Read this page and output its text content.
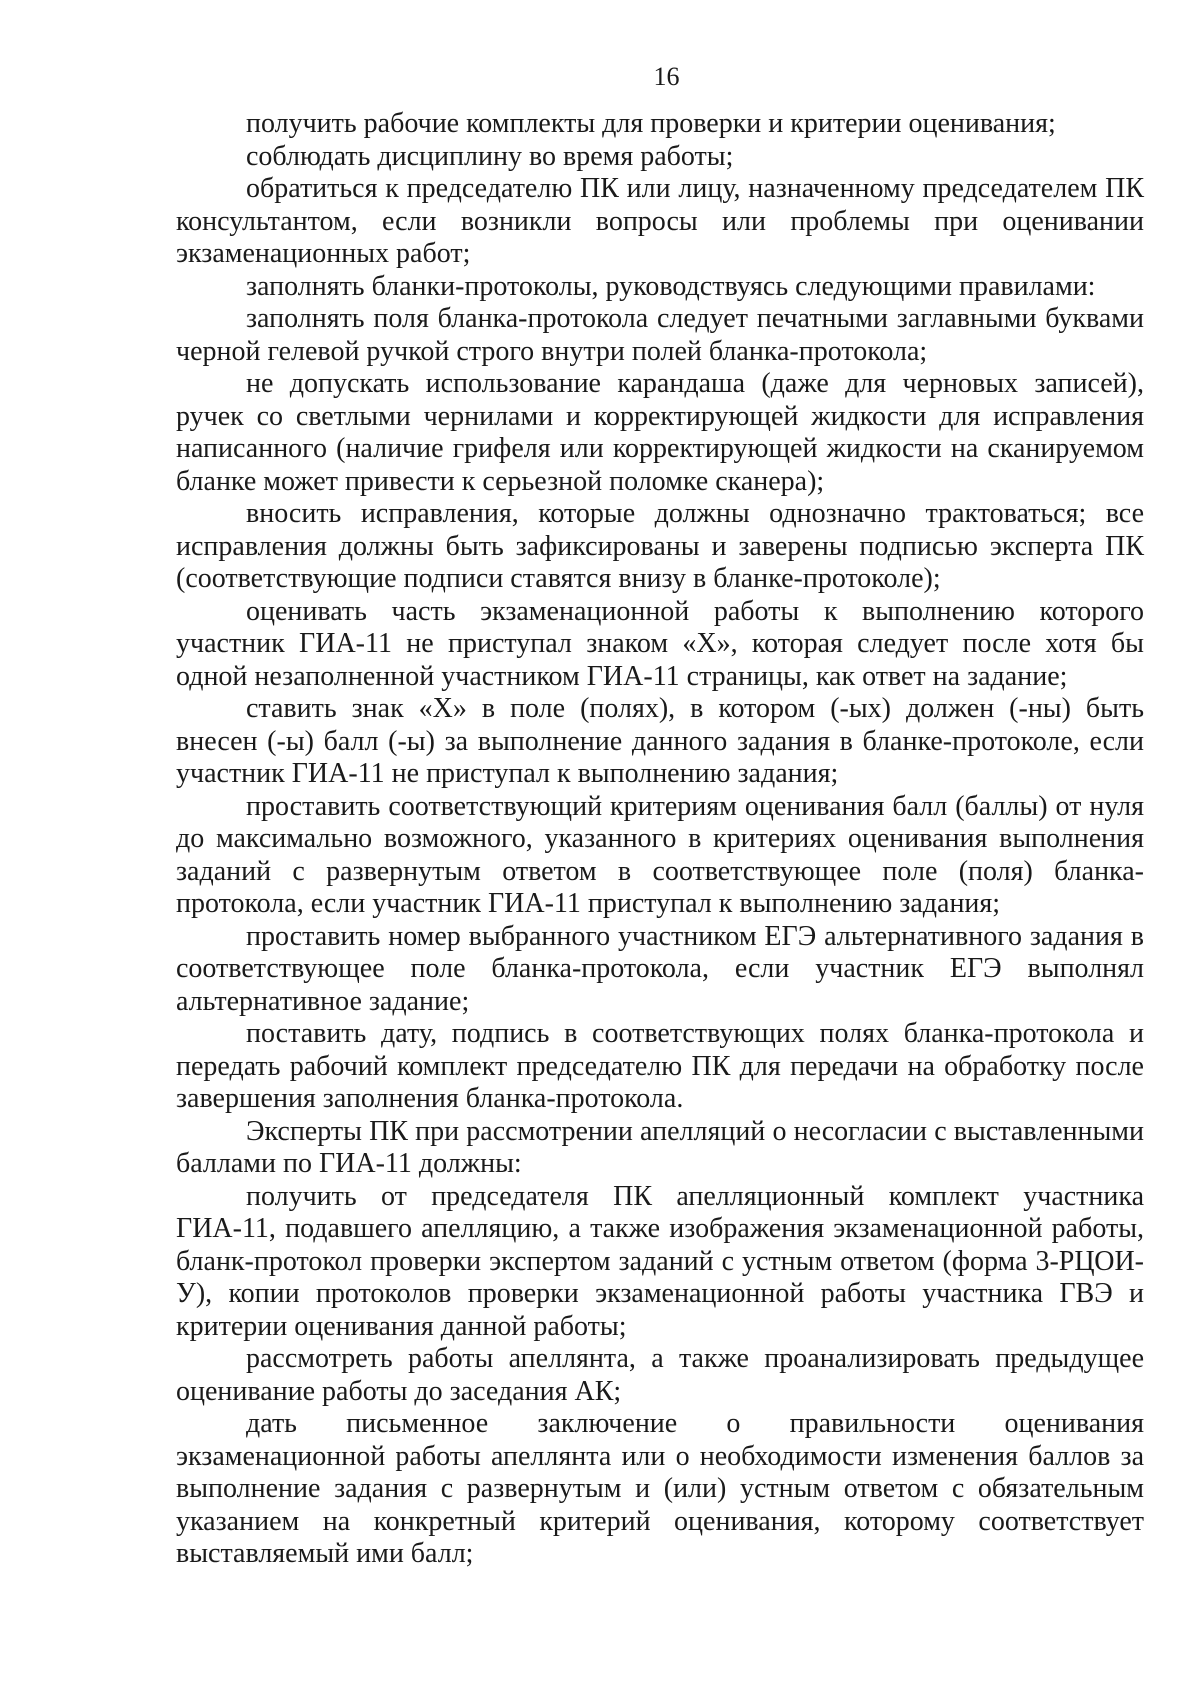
16

получить рабочие комплекты для проверки и критерии оценивания;

соблюдать дисциплину во время работы;

обратиться к председателю ПК или лицу, назначенному председателем ПК консультантом, если возникли вопросы или проблемы при оценивании экзаменационных работ;

заполнять бланки-протоколы, руководствуясь следующими правилами:

заполнять поля бланка-протокола следует печатными заглавными буквами черной гелевой ручкой строго внутри полей бланка-протокола;

не допускать использование карандаша (даже для черновых записей), ручек со светлыми чернилами и корректирующей жидкости для исправления написанного (наличие грифеля или корректирующей жидкости на сканируемом бланке может привести к серьезной поломке сканера);

вносить исправления, которые должны однозначно трактоваться; все исправления должны быть зафиксированы и заверены подписью эксперта ПК (соответствующие подписи ставятся внизу в бланке-протоколе);

оценивать часть экзаменационной работы к выполнению которого участник ГИА-11 не приступал знаком «Х», которая следует после хотя бы одной незаполненной участником ГИА-11 страницы, как ответ на задание;

ставить знак «Х» в поле (полях), в котором (-ых) должен (-ны) быть внесен (-ы) балл (-ы) за выполнение данного задания в бланке-протоколе, если участник ГИА-11 не приступал к выполнению задания;

проставить соответствующий критериям оценивания балл (баллы) от нуля до максимально возможного, указанного в критериях оценивания выполнения заданий с развернутым ответом в соответствующее поле (поля) бланка-протокола, если участник ГИА-11 приступал к выполнению задания;

проставить номер выбранного участником ЕГЭ альтернативного задания в соответствующее поле бланка-протокола, если участник ЕГЭ выполнял альтернативное задание;

поставить дату, подпись в соответствующих полях бланка-протокола и передать рабочий комплект председателю ПК для передачи на обработку после завершения заполнения бланка-протокола.

Эксперты ПК при рассмотрении апелляций о несогласии с выставленными баллами по ГИА-11 должны:

получить от председателя ПК апелляционный комплект участника ГИА-11, подавшего апелляцию, а также изображения экзаменационной работы, бланк-протокол проверки экспертом заданий с устным ответом (форма 3-РЦОИ-У), копии протоколов проверки экзаменационной работы участника ГВЭ и критерии оценивания данной работы;

рассмотреть работы апеллянта, а также проанализировать предыдущее оценивание работы до заседания АК;

дать письменное заключение о правильности оценивания экзаменационной работы апеллянта или о необходимости изменения баллов за выполнение задания с развернутым и (или) устным ответом с обязательным указанием на конкретный критерий оценивания, которому соответствует выставляемый ими балл;
